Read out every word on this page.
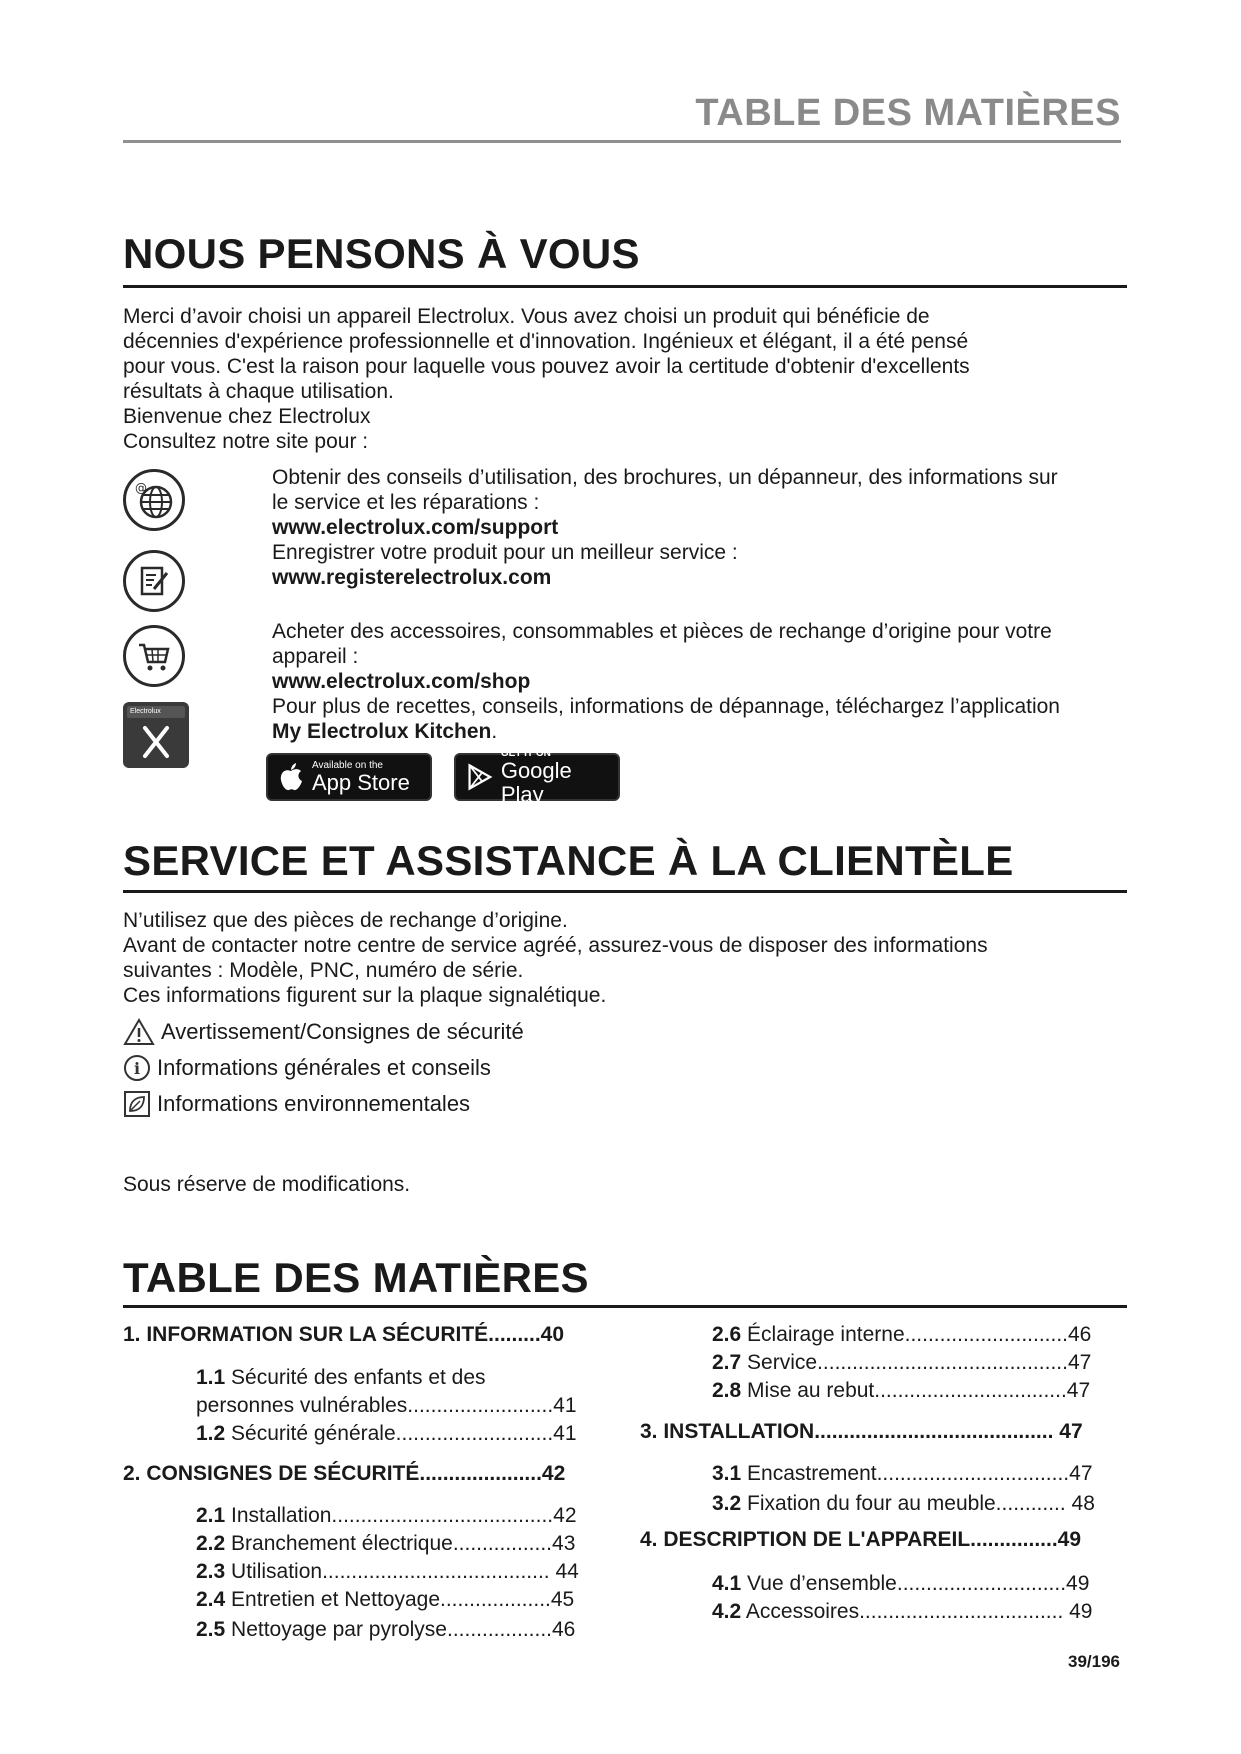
TABLE DES MATIÈRES
NOUS PENSONS À VOUS

Merci d’avoir choisi un appareil Electrolux. Vous avez choisi un produit qui bénéficie de

décennies d'expérience professionnelle et d'innovation. Ingénieux et élégant, il a été pensé

pour vous. C'est la raison pour laquelle vous pouvez avoir la certitude d'obtenir d'excellents

résultats à chaque utilisation.

Bienvenue chez Electrolux

Consultez notre site pour :

@
Electrolux

Obtenir des conseils d’utilisation, des brochures, un dépanneur, des informations sur

le service et les réparations :

www.electrolux.com/support

Enregistrer votre produit pour un meilleur service :

www.registerelectrolux.com

Acheter des accessoires, consommables et pièces de rechange d’origine pour votre

appareil :

www.electrolux.com/shop

Pour plus de recettes, conseils, informations de dépannage, téléchargez l’application

My Electrolux Kitchen.

Available on the
App Store
GET IT ON
Google Play
SERVICE ET ASSISTANCE À LA CLIENTÈLE

N’utilisez que des pièces de rechange d’origine.

Avant de contacter notre centre de service agréé, assurez-vous de disposer des informations

suivantes : Modèle, PNC, numéro de série.

Ces informations figurent sur la plaque signalétique.

Avertissement/Consignes de sécurité
i Informations générales et conseils
Informations environnementales

Sous réserve de modifications.

TABLE DES MATIÈRES
1. INFORMATION SUR LA SÉCURITÉ.........40
1.1 Sécurité des enfants et des
personnes vulnérables.........................41
1.2 Sécurité générale...........................41
2. CONSIGNES DE SÉCURITÉ.....................42
2.1 Installation......................................42
2.2 Branchement électrique.................43
2.3 Utilisation....................................... 44
2.4 Entretien et Nettoyage...................45
2.5 Nettoyage par pyrolyse..................46
2.6 Éclairage interne............................46
2.7 Service...........................................47
2.8 Mise au rebut.................................47
3. INSTALLATION......................................... 47
3.1 Encastrement.................................47
3.2 Fixation du four au meuble............ 48
4. DESCRIPTION DE L'APPAREIL...............49
4.1 Vue d’ensemble.............................49
4.2 Accessoires................................... 49
39/196
